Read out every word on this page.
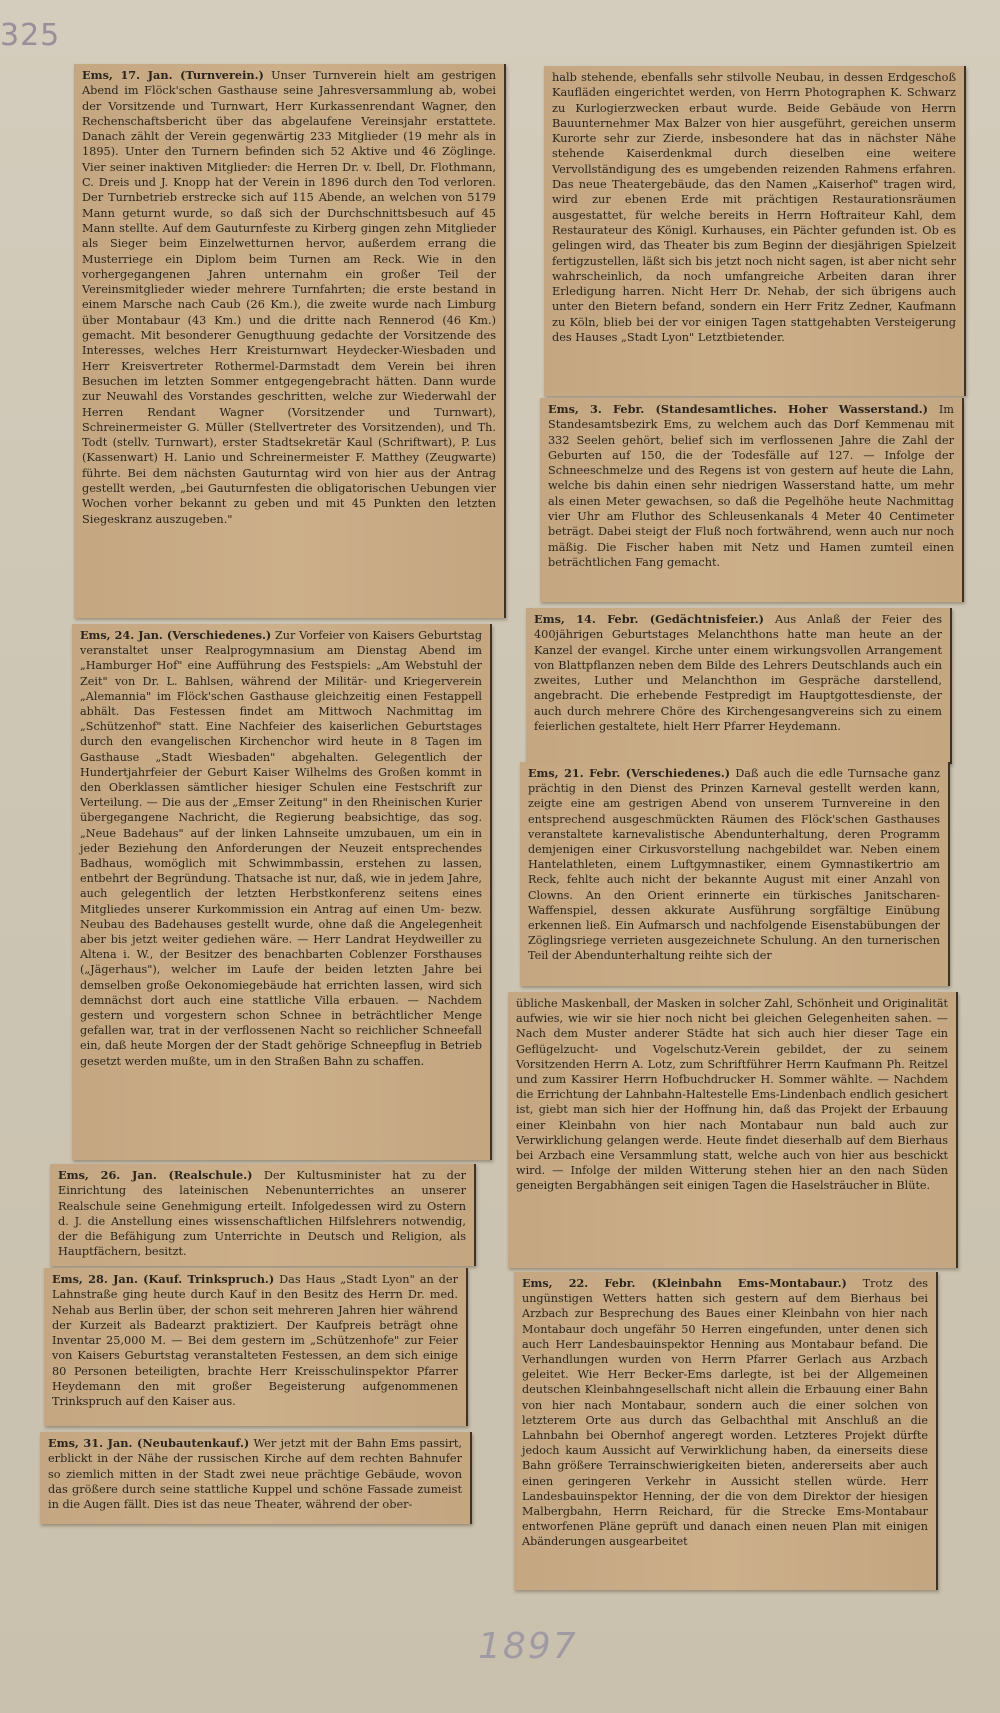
325

Ems, 17. Jan. (Turnverein.) Unser Turnverein hielt am gestrigen Abend im Flöck'schen Gasthause seine Jahresversammlung ab, wobei der Vorsitzende und Turnwart, Herr Kurkassenrendant Wagner, den Rechenschaftsbericht über das abgelaufene Vereinsjahr erstattete. Danach zählt der Verein gegenwärtig 233 Mitglieder (19 mehr als in 1895). Unter den Turnern befinden sich 52 Aktive und 46 Zöglinge. Vier seiner inaktiven Mitglieder: die Herren Dr. v. Ibell, Dr. Flothmann, C. Dreis und J. Knopp hat der Verein in 1896 durch den Tod verloren. Der Turnbetrieb erstrecke sich auf 115 Abende, an welchen von 5179 Mann geturnt wurde, so daß sich der Durchschnittsbesuch auf 45 Mann stellte. Auf dem Gauturnfeste zu Kirberg gingen zehn Mitglieder als Sieger beim Einzelwetturnen hervor, außerdem errang die Musterriege ein Diplom beim Turnen am Reck. Wie in den vorhergegangenen Jahren unternahm ein großer Teil der Vereinsmitglieder wieder mehrere Turnfahrten; die erste bestand in einem Marsche nach Caub (26 Km.), die zweite wurde nach Limburg über Montabaur (43 Km.) und die dritte nach Rennerod (46 Km.) gemacht. Mit besonderer Genugthuung gedachte der Vorsitzende des Interesses, welches Herr Kreisturnwart Heydecker-Wiesbaden und Herr Kreisvertreter Rothermel-Darmstadt dem Verein bei ihren Besuchen im letzten Sommer entgegengebracht hätten. Dann wurde zur Neuwahl des Vorstandes geschritten, welche zur Wiederwahl der Herren Rendant Wagner (Vorsitzender und Turnwart), Schreinermeister G. Müller (Stellvertreter des Vorsitzenden), und Th. Todt (stellv. Turnwart), erster Stadtsekretär Kaul (Schriftwart), P. Lus (Kassenwart) H. Lanio und Schreinermeister F. Matthey (Zeugwarte) führte. Bei dem nächsten Gauturntag wird von hier aus der Antrag gestellt werden, „bei Gauturnfesten die obligatorischen Uebungen vier Wochen vorher bekannt zu geben und mit 45 Punkten den letzten Siegeskranz auszugeben."

Ems, 24. Jan. (Verschiedenes.) Zur Vorfeier von Kaisers Geburtstag veranstaltet unser Realprogymnasium am Dienstag Abend im „Hamburger Hof" eine Aufführung des Festspiels: „Am Webstuhl der Zeit" von Dr. L. Bahlsen, während der Militär- und Kriegerverein „Alemannia" im Flöck'schen Gasthause gleichzeitig einen Festappell abhält. Das Festessen findet am Mittwoch Nachmittag im „Schützenhof" statt. Eine Nachfeier des kaiserlichen Geburtstages durch den evangelischen Kirchenchor wird heute in 8 Tagen im Gasthause „Stadt Wiesbaden" abgehalten. Gelegentlich der Hundertjahrfeier der Geburt Kaiser Wilhelms des Großen kommt in den Oberklassen sämtlicher hiesiger Schulen eine Festschrift zur Verteilung. — Die aus der „Emser Zeitung" in den Rheinischen Kurier übergegangene Nachricht, die Regierung beabsichtige, das sog. „Neue Badehaus" auf der linken Lahnseite umzubauen, um ein in jeder Beziehung den Anforderungen der Neuzeit entsprechendes Badhaus, womöglich mit Schwimmbassin, erstehen zu lassen, entbehrt der Begründung. Thatsache ist nur, daß, wie in jedem Jahre, auch gelegentlich der letzten Herbstkonferenz seitens eines Mitgliedes unserer Kurkommission ein Antrag auf einen Um- bezw. Neubau des Badehauses gestellt wurde, ohne daß die Angelegenheit aber bis jetzt weiter gediehen wäre. — Herr Landrat Heydweiller zu Altena i. W., der Besitzer des benachbarten Coblenzer Forsthauses („Jägerhaus"), welcher im Laufe der beiden letzten Jahre bei demselben große Oekonomiegebäude hat errichten lassen, wird sich demnächst dort auch eine stattliche Villa erbauen. — Nachdem gestern und vorgestern schon Schnee in beträchtlicher Menge gefallen war, trat in der verflossenen Nacht so reichlicher Schneefall ein, daß heute Morgen der der Stadt gehörige Schneepflug in Betrieb gesetzt werden mußte, um in den Straßen Bahn zu schaffen.

Ems, 26. Jan. (Realschule.) Der Kultusminister hat zu der Einrichtung des lateinischen Nebenunterrichtes an unserer Realschule seine Genehmigung erteilt. Infolgedessen wird zu Ostern d. J. die Anstellung eines wissenschaftlichen Hilfslehrers notwendig, der die Befähigung zum Unterrichte in Deutsch und Religion, als Hauptfächern, besitzt.

Ems, 28. Jan. (Kauf. Trinkspruch.) Das Haus „Stadt Lyon" an der Lahnstraße ging heute durch Kauf in den Besitz des Herrn Dr. med. Nehab aus Berlin über, der schon seit mehreren Jahren hier während der Kurzeit als Badearzt praktiziert. Der Kaufpreis beträgt ohne Inventar 25,000 M. — Bei dem gestern im „Schützenhofe" zur Feier von Kaisers Geburtstag veranstalteten Festessen, an dem sich einige 80 Personen beteiligten, brachte Herr Kreisschulinspektor Pfarrer Heydemann den mit großer Begeisterung aufgenommenen Trinkspruch auf den Kaiser aus.

Ems, 31. Jan. (Neubautenkauf.) Wer jetzt mit der Bahn Ems passirt, erblickt in der Nähe der russischen Kirche auf dem rechten Bahnufer so ziemlich mitten in der Stadt zwei neue prächtige Gebäude, wovon das größere durch seine stattliche Kuppel und schöne Fassade zumeist in die Augen fällt. Dies ist das neue Theater, während der ober-

halb stehende, ebenfalls sehr stilvolle Neubau, in dessen Erdgeschoß Kaufläden eingerichtet werden, von Herrn Photographen K. Schwarz zu Kurlogierzwecken erbaut wurde. Beide Gebäude von Herrn Bauunternehmer Max Balzer von hier ausgeführt, gereichen unserm Kurorte sehr zur Zierde, insbesondere hat das in nächster Nähe stehende Kaiserdenkmal durch dieselben eine weitere Vervollständigung des es umgebenden reizenden Rahmens erfahren. Das neue Theatergebäude, das den Namen „Kaiserhof" tragen wird, wird zur ebenen Erde mit prächtigen Restaurationsräumen ausgestattet, für welche bereits in Herrn Hoftraiteur Kahl, dem Restaurateur des Königl. Kurhauses, ein Pächter gefunden ist. Ob es gelingen wird, das Theater bis zum Beginn der diesjährigen Spielzeit fertigzustellen, läßt sich bis jetzt noch nicht sagen, ist aber nicht sehr wahrscheinlich, da noch umfangreiche Arbeiten daran ihrer Erledigung harren. Nicht Herr Dr. Nehab, der sich übrigens auch unter den Bietern befand, sondern ein Herr Fritz Zedner, Kaufmann zu Köln, blieb bei der vor einigen Tagen stattgehabten Versteigerung des Hauses „Stadt Lyon" Letztbietender.

Ems, 3. Febr. (Standesamtliches. Hoher Wasserstand.) Im Standesamtsbezirk Ems, zu welchem auch das Dorf Kemmenau mit 332 Seelen gehört, belief sich im verflossenen Jahre die Zahl der Geburten auf 150, die der Todesfälle auf 127. — Infolge der Schneeschmelze und des Regens ist von gestern auf heute die Lahn, welche bis dahin einen sehr niedrigen Wasserstand hatte, um mehr als einen Meter gewachsen, so daß die Pegelhöhe heute Nachmittag vier Uhr am Fluthor des Schleusenkanals 4 Meter 40 Centimeter beträgt. Dabei steigt der Fluß noch fortwährend, wenn auch nur noch mäßig. Die Fischer haben mit Netz und Hamen zumteil einen beträchtlichen Fang gemacht.

Ems, 14. Febr. (Gedächtnisfeier.) Aus Anlaß der Feier des 400jährigen Geburtstages Melanchthons hatte man heute an der Kanzel der evangel. Kirche unter einem wirkungsvollen Arrangement von Blattpflanzen neben dem Bilde des Lehrers Deutschlands auch ein zweites, Luther und Melanchthon im Gespräche darstellend, angebracht. Die erhebende Festpredigt im Hauptgottesdienste, der auch durch mehrere Chöre des Kirchengesangvereins sich zu einem feierlichen gestaltete, hielt Herr Pfarrer Heydemann.

Ems, 21. Febr. (Verschiedenes.) Daß auch die edle Turnsache ganz prächtig in den Dienst des Prinzen Karneval gestellt werden kann, zeigte eine am gestrigen Abend von unserem Turnvereine in den entsprechend ausgeschmückten Räumen des Flöck'schen Gasthauses veranstaltete karnevalistische Abendunterhaltung, deren Programm demjenigen einer Cirkusvorstellung nachgebildet war. Neben einem Hantelathleten, einem Luftgymnastiker, einem Gymnastikertrio am Reck, fehlte auch nicht der bekannte August mit einer Anzahl von Clowns. An den Orient erinnerte ein türkisches Janitscharen-Waffenspiel, dessen akkurate Ausführung sorgfältige Einübung erkennen ließ. Ein Aufmarsch und nachfolgende Eisenstabübungen der Zöglingsriege verrieten ausgezeichnete Schulung. An den turnerischen Teil der Abendunterhaltung reihte sich der

übliche Maskenball, der Masken in solcher Zahl, Schönheit und Originalität aufwies, wie wir sie hier noch nicht bei gleichen Gelegenheiten sahen. — Nach dem Muster anderer Städte hat sich auch hier dieser Tage ein Geflügelzucht- und Vogelschutz-Verein gebildet, der zu seinem Vorsitzenden Herrn A. Lotz, zum Schriftführer Herrn Kaufmann Ph. Reitzel und zum Kassirer Herrn Hofbuchdrucker H. Sommer wählte. — Nachdem die Errichtung der Lahnbahn-Haltestelle Ems-Lindenbach endlich gesichert ist, giebt man sich hier der Hoffnung hin, daß das Projekt der Erbauung einer Kleinbahn von hier nach Montabaur nun bald auch zur Verwirklichung gelangen werde. Heute findet dieserhalb auf dem Bierhaus bei Arzbach eine Versammlung statt, welche auch von hier aus beschickt wird. — Infolge der milden Witterung stehen hier an den nach Süden geneigten Bergabhängen seit einigen Tagen die Haselsträucher in Blüte.

Ems, 22. Febr. (Kleinbahn Ems-Montabaur.) Trotz des ungünstigen Wetters hatten sich gestern auf dem Bierhaus bei Arzbach zur Besprechung des Baues einer Kleinbahn von hier nach Montabaur doch ungefähr 50 Herren eingefunden, unter denen sich auch Herr Landesbauinspektor Henning aus Montabaur befand. Die Verhandlungen wurden von Herrn Pfarrer Gerlach aus Arzbach geleitet. Wie Herr Becker-Ems darlegte, ist bei der Allgemeinen deutschen Kleinbahngesellschaft nicht allein die Erbauung einer Bahn von hier nach Montabaur, sondern auch die einer solchen von letzterem Orte aus durch das Gelbachthal mit Anschluß an die Lahnbahn bei Obernhof angeregt worden. Letzteres Projekt dürfte jedoch kaum Aussicht auf Verwirklichung haben, da einerseits diese Bahn größere Terrainschwierigkeiten bieten, andererseits aber auch einen geringeren Verkehr in Aussicht stellen würde. Herr Landesbauinspektor Henning, der die von dem Direktor der hiesigen Malbergbahn, Herrn Reichard, für die Strecke Ems-Montabaur entworfenen Pläne geprüft und danach einen neuen Plan mit einigen Abänderungen ausgearbeitet

1897
